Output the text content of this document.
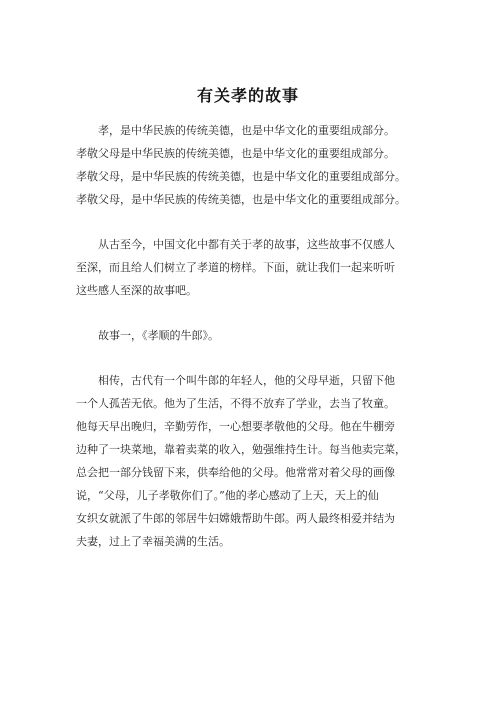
有关孝的故事
孝，是中华民族的传统美德，也是中华文化的重要组成部分。
孝敬父母是中华民族的传统美德，也是中华文化的重要组成部分。
孝敬父母，是中华民族的传统美德，也是中华文化的重要组成部分。
孝敬父母，是中华民族的传统美德，也是中华文化的重要组成部分。
从古至今，中国文化中都有关于孝的故事，这些故事不仅感人
至深，而且给人们树立了孝道的榜样。下面，就让我们一起来听听
这些感人至深的故事吧。
故事一，《孝顺的牛郎》。
相传，古代有一个叫牛郎的年轻人，他的父母早逝，只留下他
一个人孤苦无依。他为了生活，不得不放弃了学业，去当了牧童。
他每天早出晚归，辛勤劳作，一心想要孝敬他的父母。他在牛棚旁
边种了一块菜地，靠着卖菜的收入，勉强维持生计。每当他卖完菜，
总会把一部分钱留下来，供奉给他的父母。他常常对着父母的画像
说，“父母，儿子孝敬你们了。”他的孝心感动了上天，天上的仙
女织女就派了牛郎的邻居牛妇嫦娥帮助牛郎。两人最终相爱并结为
夫妻，过上了幸福美满的生活。
